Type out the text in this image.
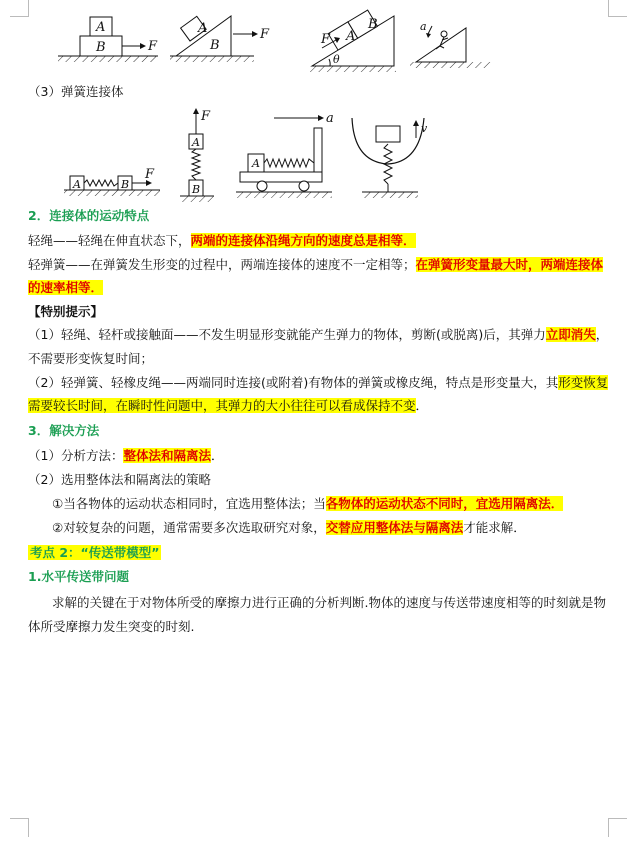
A
B	F
A
B
F	F A
B
θ
a
（3）弹簧连接体
A	B
F
F
A
B
A
a
v
2．连接体的运动特点
轻绳——轻绳在伸直状态下，两端的连接体沿绳方向的速度总是相等．
轻弹簧——在弹簧发生形变的过程中，两端连接体的速度不一定相等；在弹簧形变量最大时，两端连接体
的速率相等．
【特别提示】
（1）轻绳、轻杆或接触面——不发生明显形变就能产生弹力的物体，剪断(或脱离)后，其弹力立即消失，
不需要形变恢复时间；
（2）轻弹簧、轻橡皮绳——两端同时连接(或附着)有物体的弹簧或橡皮绳，特点是形变量大，其形变恢复
需要较长时间，在瞬时性问题中，其弹力的大小往往可以看成保持不变．
3．解决方法
（1）分析方法：整体法和隔离法．
（2）选用整体法和隔离法的策略
①当各物体的运动状态相同时，宜选用整体法；当各物体的运动状态不同时，宜选用隔离法．
②对较复杂的问题，通常需要多次选取研究对象，交替应用整体法与隔离法才能求解．
考点 2：“传送带模型”
1.水平传送带问题
求解的关键在于对物体所受的摩擦力进行正确的分析判断.物体的速度与传送带速度相等的时刻就是物
体所受摩擦力发生突变的时刻.
